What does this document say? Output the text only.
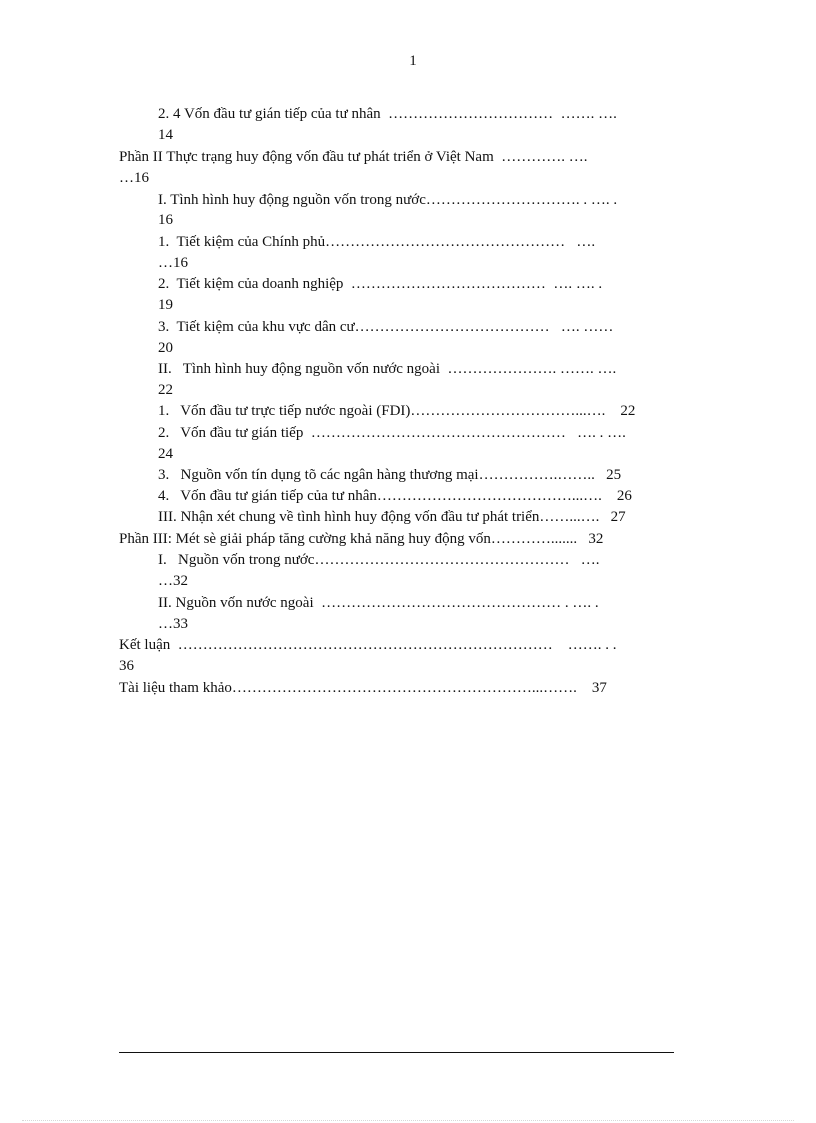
1
2. 4 Vốn đầu tư gián tiếp của tư nhân  ……………………………  ……. ….
14
Phần II Thực trạng huy động vốn đầu tư phát triển ở Việt Nam  …………. ….
…16
I. Tình hình huy động nguồn vốn trong nước…………………………. . …. .
16
1.  Tiết kiệm của Chính phủ…………………………………………   ….
…16
2.  Tiết kiệm của doanh nghiệp  …………………………………  …. …. .
19
3.  Tiết kiệm của khu vực dân cư…………………………………   …. ……
20
II.   Tình hình huy động nguồn vốn nước ngoài  …………………. ……. ….
22
1.   Vốn đầu tư trực tiếp nước ngoài (FDI)……………………………...….    22
2.   Vốn đầu tư gián tiếp  ……………………………………………   …. . ….
24
3.   Nguồn vốn tín dụng tõ các ngân hàng thương mại…………….……..   25
4.   Vốn đầu tư gián tiếp của tư nhân…………………………………...….    26
III. Nhận xét chung về tình hình huy động vốn đầu tư phát triển……...….   27
Phần III: Mét sè giải pháp tăng cường khả năng huy động vốn………….......   32
I.   Nguồn vốn trong nước……………………………………………   ….
…32
II. Nguồn vốn nước ngoài  ………………………………………… . …. .
…33
Kết luận  …………………………………………………………………    ……. . .
36
Tài liệu tham khảo……………………………………………………...…….    37
